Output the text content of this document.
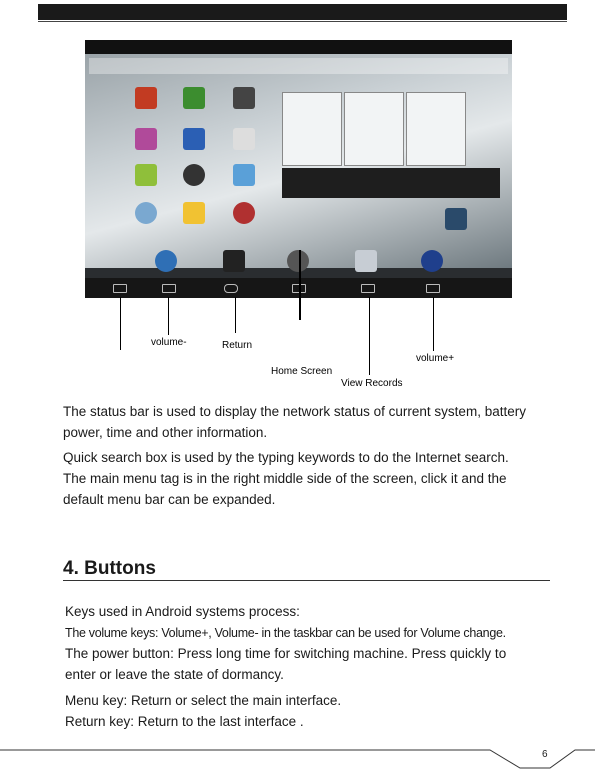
volume-	Return
Home Screen
View Records
volume+
The status bar is used to display the network status of current system, battery
power, time and other information.
Quick search box is used by the typing keywords to do the Internet search.
The main menu tag is in the right middle side of the screen, click it and the
default menu bar can be expanded.
4. Buttons
Keys used in Android systems process:
The volume keys: Volume+, Volume- in the taskbar can be used for Volume change.
The power button: Press long time for switching machine. Press quickly to
enter or leave the state of dormancy.
Menu key: Return or select the main interface.
Return key: Return to the last interface .
6
